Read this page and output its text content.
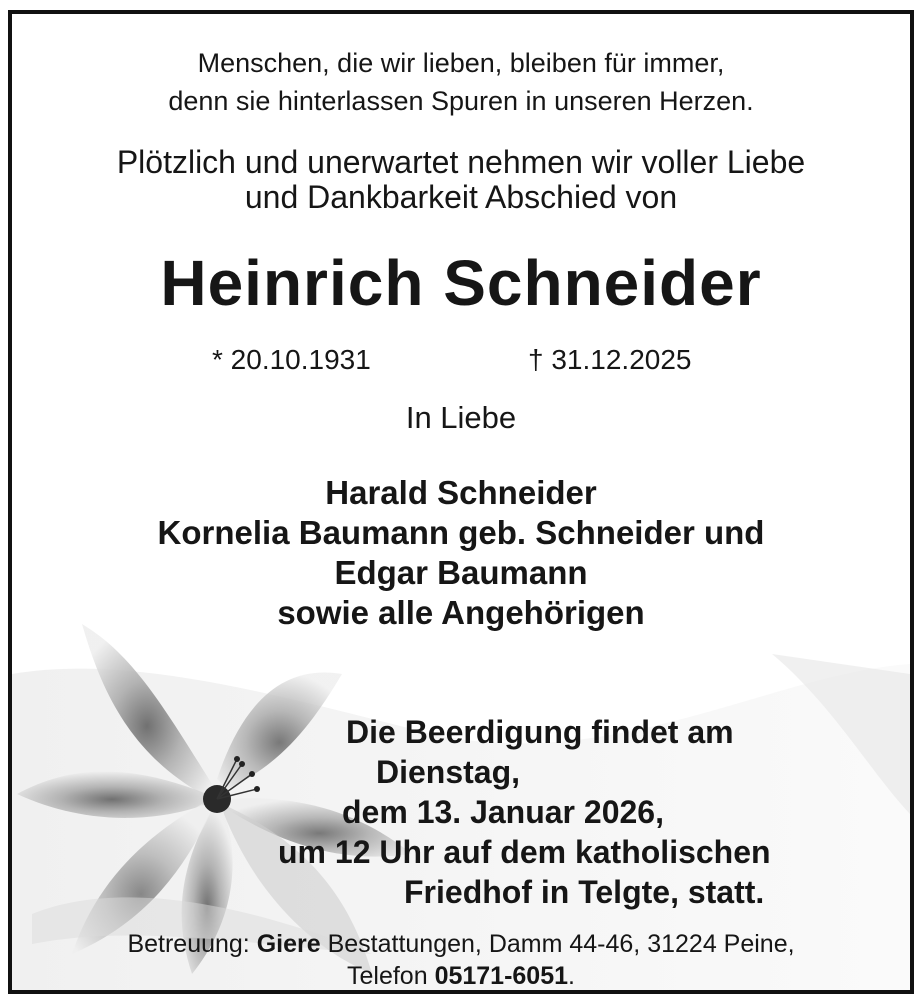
Menschen, die wir lieben, bleiben für immer,
denn sie hinterlassen Spuren in unseren Herzen.
Plötzlich und unerwartet nehmen wir voller Liebe
und Dankbarkeit Abschied von
Heinrich Schneider
* 20.10.1931	† 31.12.2025
In Liebe
Harald Schneider
Kornelia Baumann geb. Schneider und
Edgar Baumann
sowie alle Angehörigen
Die Beerdigung findet am
Dienstag,
dem 13. Januar 2026,
um 12 Uhr auf dem katholischen
Friedhof in Telgte, statt.
Betreuung: Giere Bestattungen, Damm 44-46, 31224 Peine,
Telefon 05171-6051.
